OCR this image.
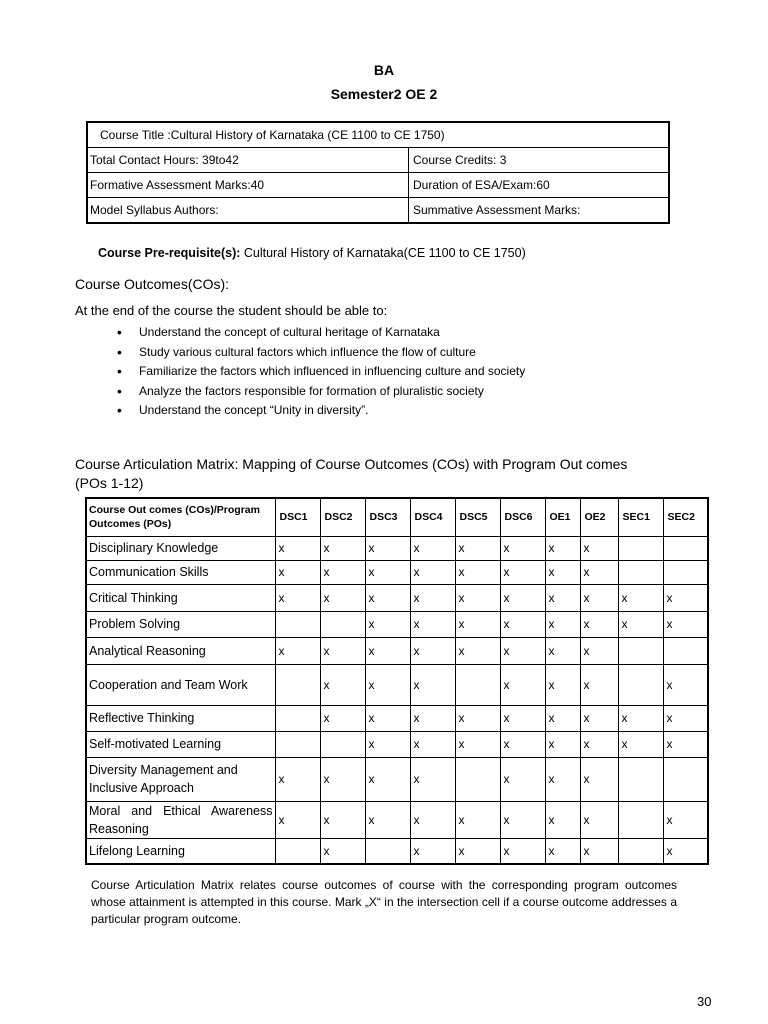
BA
Semester2 OE 2
Course Title :Cultural History of Karnataka (CE 1100 to CE 1750)	
Total Contact Hours: 39to42	Course Credits: 3
Formative Assessment Marks:40	Duration of ESA/Exam:60
Model Syllabus Authors:	Summative Assessment Marks:
Course Pre-requisite(s): Cultural History of Karnataka(CE 1100 to CE 1750)
Course Outcomes(COs):
At the end of the course the student should be able to:
• Understand the concept of cultural heritage of Karnataka
• Study various cultural factors which influence the flow of culture
• Familiarize the factors which influenced in influencing culture and society
• Analyze the factors responsible for formation of pluralistic society
• Understand the concept “Unity in diversity”.
Course Articulation Matrix: Mapping of Course Outcomes (COs) with Program Out comes
(POs 1-12)
Course Out comes (COs)/Program Outcomes (POs)	DSC1	DSC2	DSC3	DSC4	DSC5	DSC6	OE1	OE2	SEC1	SEC2
Disciplinary Knowledge	x	x	x	x	x	x	x	x		
Communication Skills	x	x	x	x	x	x	x	x		
Critical Thinking	x	x	x	x	x	x	x	x	x	x
Problem Solving			x	x	x	x	x	x	x	x
Analytical Reasoning	x	x	x	x	x	x	x	x		
Cooperation and Team Work		x	x	x		x	x	x		x
Reflective Thinking		x	x	x	x	x	x	x	x	x
Self-motivated Learning			x	x	x	x	x	x	x	x
Diversity Management and Inclusive Approach	x	x	x	x		x	x	x		
Moral and Ethical Awareness Reasoning	x	x	x	x	x	x	x	x		x
Lifelong Learning		x		x	x	x	x	x		x
Course Articulation Matrix relates course outcomes of course with the corresponding program outcomes whose attainment is attempted in this course. Mark „X“ in the intersection cell if a course outcome addresses a particular program outcome.
30
